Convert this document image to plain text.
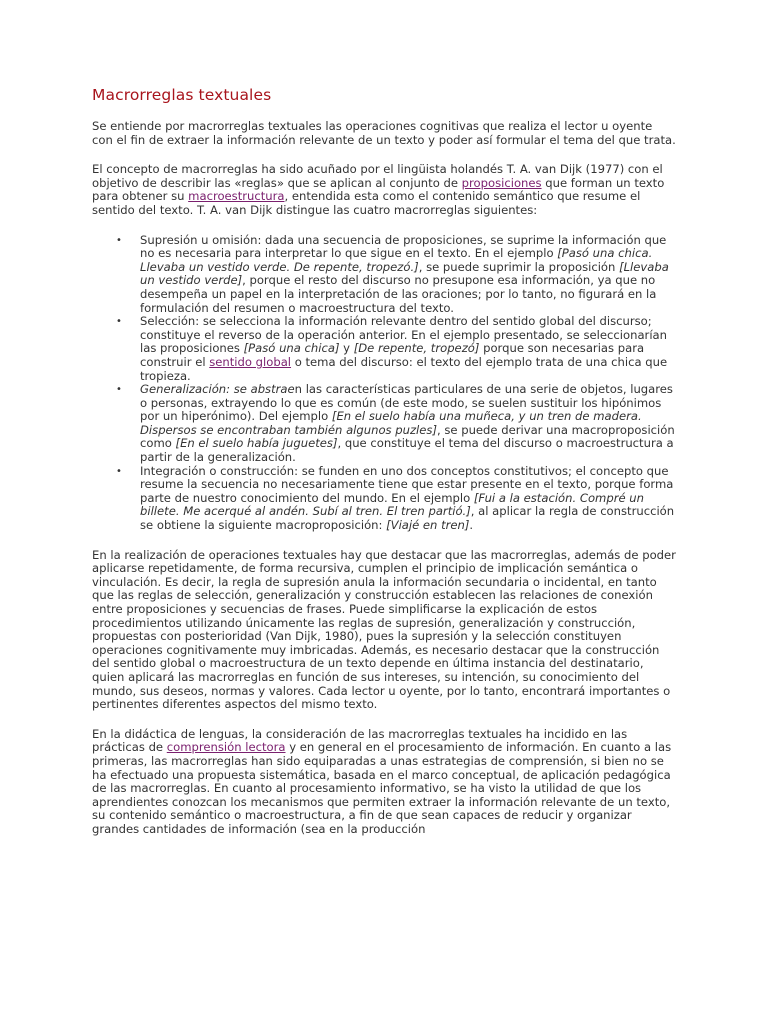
Macrorreglas textuales

Se entiende por macrorreglas textuales las operaciones cognitivas que realiza el lector u oyente con el fin de extraer la información relevante de un texto y poder así formular el tema del que trata.

El concepto de macrorreglas ha sido acuñado por el lingüista holandés T. A. van Dijk (1977) con el objetivo de describir las «reglas» que se aplican al conjunto de proposiciones que forman un texto para obtener su macroestructura, entendida esta como el contenido semántico que resume el sentido del texto. T. A. van Dijk distingue las cuatro macrorreglas siguientes:

• Supresión u omisión: dada una secuencia de proposiciones, se suprime la información que no es necesaria para interpretar lo que sigue en el texto. En el ejemplo [Pasó una chica. Llevaba un vestido verde. De repente, tropezó.], se puede suprimir la proposición [Llevaba un vestido verde], porque el resto del discurso no presupone esa información, ya que no desempeña un papel en la interpretación de las oraciones; por lo tanto, no figurará en la formulación del resumen o macroestructura del texto.
• Selección: se selecciona la información relevante dentro del sentido global del discurso; constituye el reverso de la operación anterior. En el ejemplo presentado, se seleccionarían las proposiciones [Pasó una chica] y [De repente, tropezó] porque son necesarias para construir el sentido global o tema del discurso: el texto del ejemplo trata de una chica que tropieza.
• Generalización: se abstraen las características particulares de una serie de objetos, lugares o personas, extrayendo lo que es común (de este modo, se suelen sustituir los hipónimos por un hiperónimo). Del ejemplo [En el suelo había una muñeca, y un tren de madera. Dispersos se encontraban también algunos puzles], se puede derivar una macroproposición como [En el suelo había juguetes], que constituye el tema del discurso o macroestructura a partir de la generalización.
• Integración o construcción: se funden en uno dos conceptos constitutivos; el concepto que resume la secuencia no necesariamente tiene que estar presente en el texto, porque forma parte de nuestro conocimiento del mundo. En el ejemplo [Fui a la estación. Compré un billete. Me acerqué al andén. Subí al tren. El tren partió.], al aplicar la regla de construcción se obtiene la siguiente macroproposición: [Viajé en tren].

En la realización de operaciones textuales hay que destacar que las macrorreglas, además de poder aplicarse repetidamente, de forma recursiva, cumplen el principio de implicación semántica o vinculación. Es decir, la regla de supresión anula la información secundaria o incidental, en tanto que las reglas de selección, generalización y construcción establecen las relaciones de conexión entre proposiciones y secuencias de frases. Puede simplificarse la explicación de estos procedimientos utilizando únicamente las reglas de supresión, generalización y construcción, propuestas con posterioridad (Van Dijk, 1980), pues la supresión y la selección constituyen operaciones cognitivamente muy imbricadas. Además, es necesario destacar que la construcción del sentido global o macroestructura de un texto depende en última instancia del destinatario, quien aplicará las macrorreglas en función de sus intereses, su intención, su conocimiento del mundo, sus deseos, normas y valores. Cada lector u oyente, por lo tanto, encontrará importantes o pertinentes diferentes aspectos del mismo texto.

En la didáctica de lenguas, la consideración de las macrorreglas textuales ha incidido en las prácticas de comprensión lectora y en general en el procesamiento de información. En cuanto a las primeras, las macrorreglas han sido equiparadas a unas estrategias de comprensión, si bien no se ha efectuado una propuesta sistemática, basada en el marco conceptual, de aplicación pedagógica de las macrorreglas. En cuanto al procesamiento informativo, se ha visto la utilidad de que los aprendientes conozcan los mecanismos que permiten extraer la información relevante de un texto, su contenido semántico o macroestructura, a fin de que sean capaces de reducir y organizar grandes cantidades de información (sea en la producción
